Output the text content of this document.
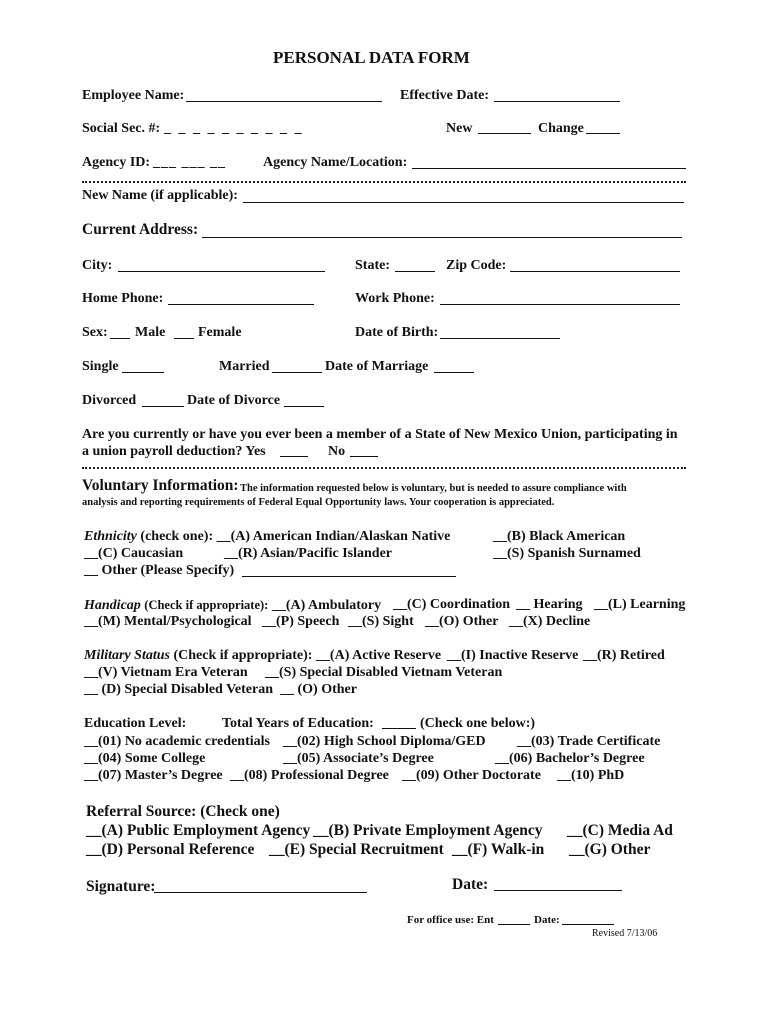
PERSONAL DATA FORM
Employee Name:	Effective Date:
Social Sec. #: _ _ _ _ _ _ _ _ _ _	New	Change
Agency ID: ___ ___ __	Agency Name/Location:
New Name (if applicable):
Current Address:
City:	State:	Zip Code:
Home Phone:	Work Phone:
Sex: Male Female	Date of Birth:
Single	Married	Date of Marriage
Divorced	Date of Divorce
Are you currently or have you ever been a member of a State of New Mexico Union, participating in
a union payroll deduction? Yes	No
Voluntary Information: The information requested below is voluntary, but is needed to assure compliance with
analysis and reporting requirements of Federal Equal Opportunity laws. Your cooperation is appreciated.
Ethnicity (check one): __(A) American Indian/Alaskan Native	__(B) Black American
__(C) Caucasian	__(R) Asian/Pacific Islander	__(S) Spanish Surnamed
__ Other (Please Specify)
Handicap (Check if appropriate): __(A) Ambulatory __(C) Coordination __ Hearing __(L) Learning
__(M) Mental/Psychological __(P) Speech __(S) Sight __(O) Other __(X) Decline
Military Status (Check if appropriate): __(A) Active Reserve __(I) Inactive Reserve __(R) Retired
__(V) Vietnam Era Veteran __(S) Special Disabled Vietnam Veteran
__ (D) Special Disabled Veteran __ (O) Other
Education Level:	Total Years of Education:	(Check one below:)
__(01) No academic credentials __(02) High School Diploma/GED __(03) Trade Certificate
__(04) Some College	__(05) Associate’s Degree	__(06) Bachelor’s Degree
__(07) Master’s Degree __(08) Professional Degree __(09) Other Doctorate __(10) PhD
Referral Source: (Check one)
__(A) Public Employment Agency __(B) Private Employment Agency __(C) Media Ad
__(D) Personal Reference __(E) Special Recruitment __(F) Walk-in __(G) Other
Signature:	Date:
For office use: Ent	Date:
Revised 7/13/06
